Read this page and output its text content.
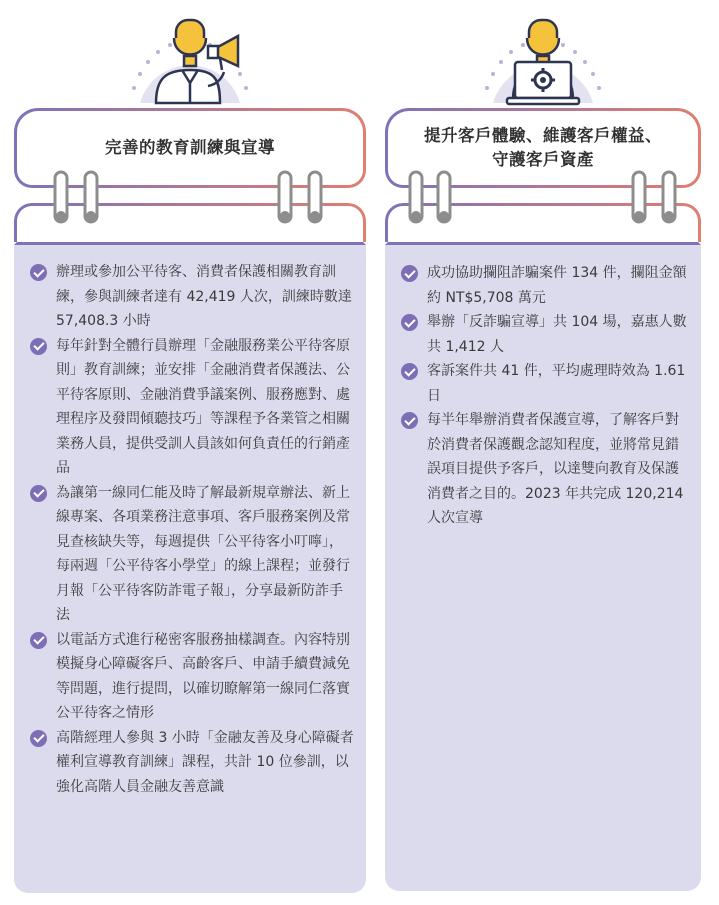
完善的教育訓練與宣導
辦理或參加公平待客、消費者保護相關教育訓練，參與訓練者達有 42,419 人次，訓練時數達 57,408.3 小時
每年針對全體行員辦理「金融服務業公平待客原則」教育訓練；並安排「金融消費者保護法、公平待客原則、金融消費爭議案例、服務應對、處理程序及發問傾聽技巧」等課程予各業管之相關業務人員，提供受訓人員該如何負責任的行銷產品
為讓第一線同仁能及時了解最新規章辦法、新上線專案、各項業務注意事項、客戶服務案例及常見查核缺失等，每週提供「公平待客小叮嚀」，每兩週「公平待客小學堂」的線上課程；並發行月報「公平待客防詐電子報」，分享最新防詐手法
以電話方式進行秘密客服務抽樣調查。內容特別模擬身心障礙客戶、高齡客戶、申請手續費減免等問題，進行提問，以確切瞭解第一線同仁落實公平待客之情形
高階經理人參與 3 小時「金融友善及身心障礙者權利宣導教育訓練」課程，共計 10 位參訓，以強化高階人員金融友善意識
提升客戶體驗、維護客戶權益、
守護客戶資產
成功協助攔阻詐騙案件 134 件，攔阻金額約 NT$5,708 萬元
舉辦「反詐騙宣導」共 104 場，嘉惠人數共 1,412 人
客訴案件共 41 件，平均處理時效為 1.61 日
每半年舉辦消費者保護宣導，了解客戶對於消費者保護觀念認知程度，並將常見錯誤項目提供予客戶，以達雙向教育及保護消費者之目的。2023 年共完成 120,214 人次宣導
